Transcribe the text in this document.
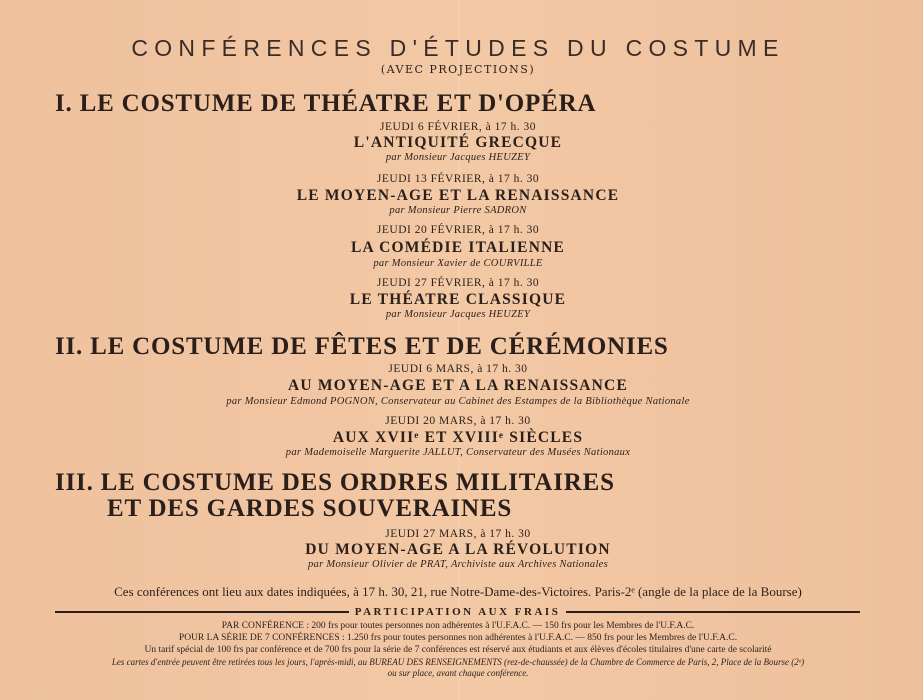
CONFÉRENCES D'ÉTUDES DU COSTUME
(AVEC PROJECTIONS)
I. LE COSTUME DE THÉATRE ET D'OPÉRA
JEUDI 6 FÉVRIER, à 17 h. 30
L'ANTIQUITÉ GRECQUE
par Monsieur Jacques HEUZEY
JEUDI 13 FÉVRIER, à 17 h. 30
LE MOYEN-AGE ET LA RENAISSANCE
par Monsieur Pierre SADRON
JEUDI 20 FÉVRIER, à 17 h. 30
LA COMÉDIE ITALIENNE
par Monsieur Xavier de COURVILLE
JEUDI 27 FÉVRIER, à 17 h. 30
LE THÉATRE CLASSIQUE
par Monsieur Jacques HEUZEY
II. LE COSTUME DE FÊTES ET DE CÉRÉMONIES
JEUDI 6 MARS, à 17 h. 30
AU MOYEN-AGE ET A LA RENAISSANCE
par Monsieur Edmond POGNON, Conservateur au Cabinet des Estampes de la Bibliothèque Nationale
JEUDI 20 MARS, à 17 h. 30
AUX XVIIᵉ ET XVIIIᵉ SIÈCLES
par Mademoiselle Marguerite JALLUT, Conservateur des Musées Nationaux
III. LE COSTUME DES ORDRES MILITAIRES
ET DES GARDES SOUVERAINES
JEUDI 27 MARS, à 17 h. 30
DU MOYEN-AGE A LA RÉVOLUTION
par Monsieur Olivier de PRAT, Archiviste aux Archives Nationales
Ces conférences ont lieu aux dates indiquées, à 17 h. 30, 21, rue Notre-Dame-des-Victoires. Paris-2ᵉ (angle de la place de la Bourse)
PARTICIPATION AUX FRAIS
PAR CONFÉRENCE : 200 frs pour toutes personnes non adhérentes à l'U.F.A.C. — 150 frs pour les Membres de l'U.F.A.C.
POUR LA SÉRIE DE 7 CONFÉRENCES : 1.250 frs pour toutes personnes non adhérentes à l'U.F.A.C. — 850 frs pour les Membres de l'U.F.A.C.
Un tarif spécial de 100 frs par conférence et de 700 frs pour la série de 7 conférences est réservé aux étudiants et aux élèves d'écoles titulaires d'une carte de scolarité
Les cartes d'entrée peuvent être retirées tous les jours, l'après-midi, au BUREAU DES RENSEIGNEMENTS (rez-de-chaussée) de la Chambre de Commerce de Paris, 2, Place de la Bourse (2ᵉ)
ou sur place, avant chaque conférence.
